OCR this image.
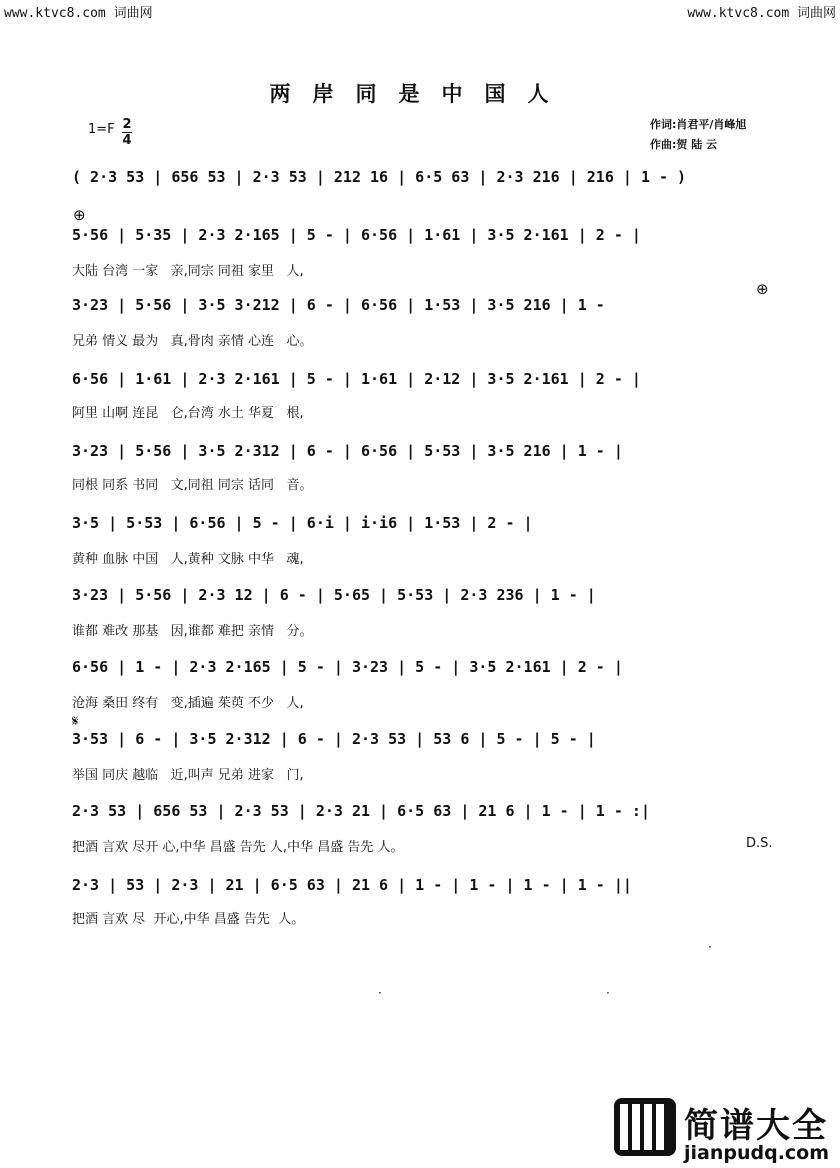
www.ktvc8.com 词曲网	www.ktvc8.com 词曲网
两岸同是中国人
1=F 2
4
作词:肖君平/肖峰旭
作曲:贺 陆 云
( 2·3 53 | 656 53 | 2·3 53 | 212 16 | 6·5 63 | 2·3 216 | 216 | 1 - )
⊕
5·56 | 5·35 | 2·3 2·165 | 5 - | 6·56 | 1·61 | 3·5 2·161 | 2 - |
大陆 台湾 一家   亲,同宗 同祖 家里   人,
3·23 | 5·56 | 3·5 3·212 | 6 - | 6·56 | 1·53 | 3·5 216 | 1 -
⊕
兄弟 情义 最为   真,骨肉 亲情 心连   心。
6·56 | 1·61 | 2·3 2·161 | 5 - | 1·61 | 2·12 | 3·5 2·161 | 2 - |
阿里 山啊 连昆   仑,台湾 水土 华夏   根,
3·23 | 5·56 | 3·5 2·312 | 6 - | 6·56 | 5·53 | 3·5 216 | 1 - |
同根 同系 书同   文,同祖 同宗 话同   音。
3·5 | 5·53 | 6·56 | 5 - | 6·i | i·i6 | 1·53 | 2 - |
黄种 血脉 中国   人,黄种 文脉 中华   魂,
3·23 | 5·56 | 2·3 12 | 6 - | 5·65 | 5·53 | 2·3 236 | 1 - |
谁都 难改 那基   因,谁都 难把 亲情   分。
6·56 | 1 - | 2·3 2·165 | 5 - | 3·23 | 5 - | 3·5 2·161 | 2 - |
沧海 桑田 终有   变,插遍 茱萸 不少   人,
𝄋
3·53 | 6 - | 3·5 2·312 | 6 - | 2·3 53 | 53 6 | 5 - | 5 - |
举国 同庆 越临   近,叫声 兄弟 进家   门,
2·3 53 | 656 53 | 2·3 53 | 2·3 21 | 6·5 63 | 21 6 | 1 - | 1 - :|
把酒 言欢 尽开 心,中华 昌盛 告先 人,中华 昌盛 告先 人。	D.S.
2·3 | 53 | 2·3 | 21 | 6·5 63 | 21 6 | 1 - | 1 - | 1 - | 1 - ||
把酒 言欢 尽  开心,中华 昌盛 告先  人。
·
·	·
简谱大全
jianpudq.com
